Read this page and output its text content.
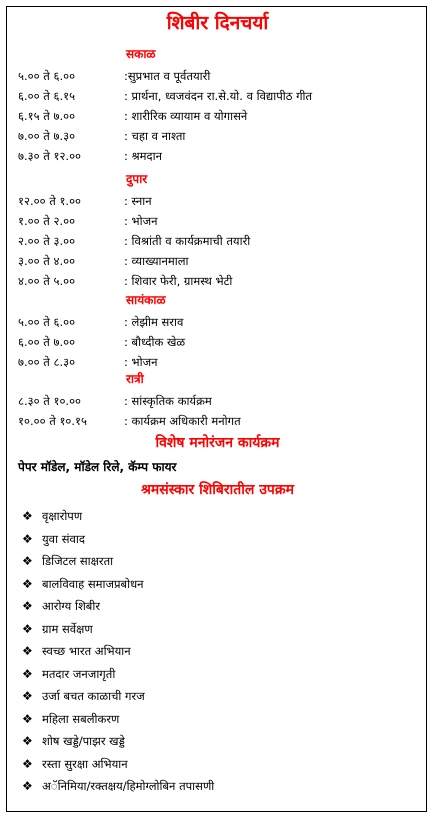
शिबीर दिनचर्या
सकाळ
५.०० ते ६.००	:सुप्रभात व पूर्वतयारी
६.०० ते ६.१५	: प्रार्थना, ध्वजवंदन रा.से.यो. व विद्यापीठ गीत
६.१५ ते ७.००	: शारीरिक व्यायाम व योगासने
७.०० ते ७.३०	: चहा व नाश्ता
७.३० ते १२.००	: श्रमदान
दुपार
१२.०० ते १.००	: स्नान
१.०० ते २.००	: भोजन
२.०० ते ३.००	: विश्रांती व कार्यक्रमाची तयारी
३.०० ते ४.००	: व्याख्यानमाला
४.०० ते ५.००	: शिवार फेरी, ग्रामस्थ भेटी
सायंकाळ
५.०० ते ६.००	: लेझीम सराव
६.०० ते ७.००	: बौध्दीक खेळ
७.०० ते ८.३०	: भोजन
रात्री
८.३० ते १०.००	: सांस्कृतिक कार्यक्रम
१०.०० ते १०.१५	: कार्यक्रम अधिकारी मनोगत
विशेष मनोरंजन कार्यक्रम
पेपर मॉडेल, मॉडेल रिले, कॅम्प फायर
श्रमसंस्कार शिबिरातील उपक्रम
❖ वृक्षारोपण
❖ युवा संवाद
❖ डिजिटल साक्षरता
❖ बालविवाह समाजप्रबोधन
❖ आरोग्य शिबीर
❖ ग्राम सर्वेक्षण
❖ स्वच्छ भारत अभियान
❖ मतदार जनजागृती
❖ उर्जा बचत काळाची गरज
❖ महिला सबलीकरण
❖ शोष खड्डे/पाझर खड्डे
❖ रस्ता सुरक्षा अभियान
❖ अॅनिमिया/रक्तक्षय/हिमोग्लोबिन तपासणी
